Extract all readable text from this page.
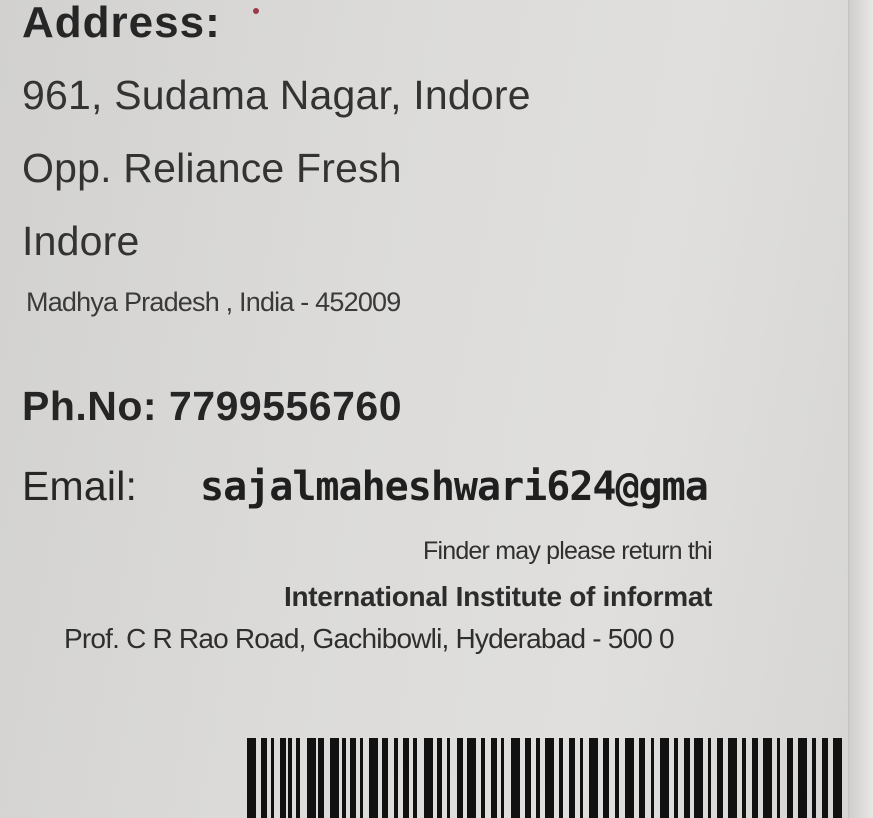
Address:
961, Sudama Nagar, Indore
Opp. Reliance Fresh
Indore
Madhya Pradesh , India - 452009
Ph.No: 7799556760
Email: sajalmaheshwari624@gma
Finder may please return thi
International Institute of informat
Prof. C R Rao Road, Gachibowli, Hyderabad - 500 0
